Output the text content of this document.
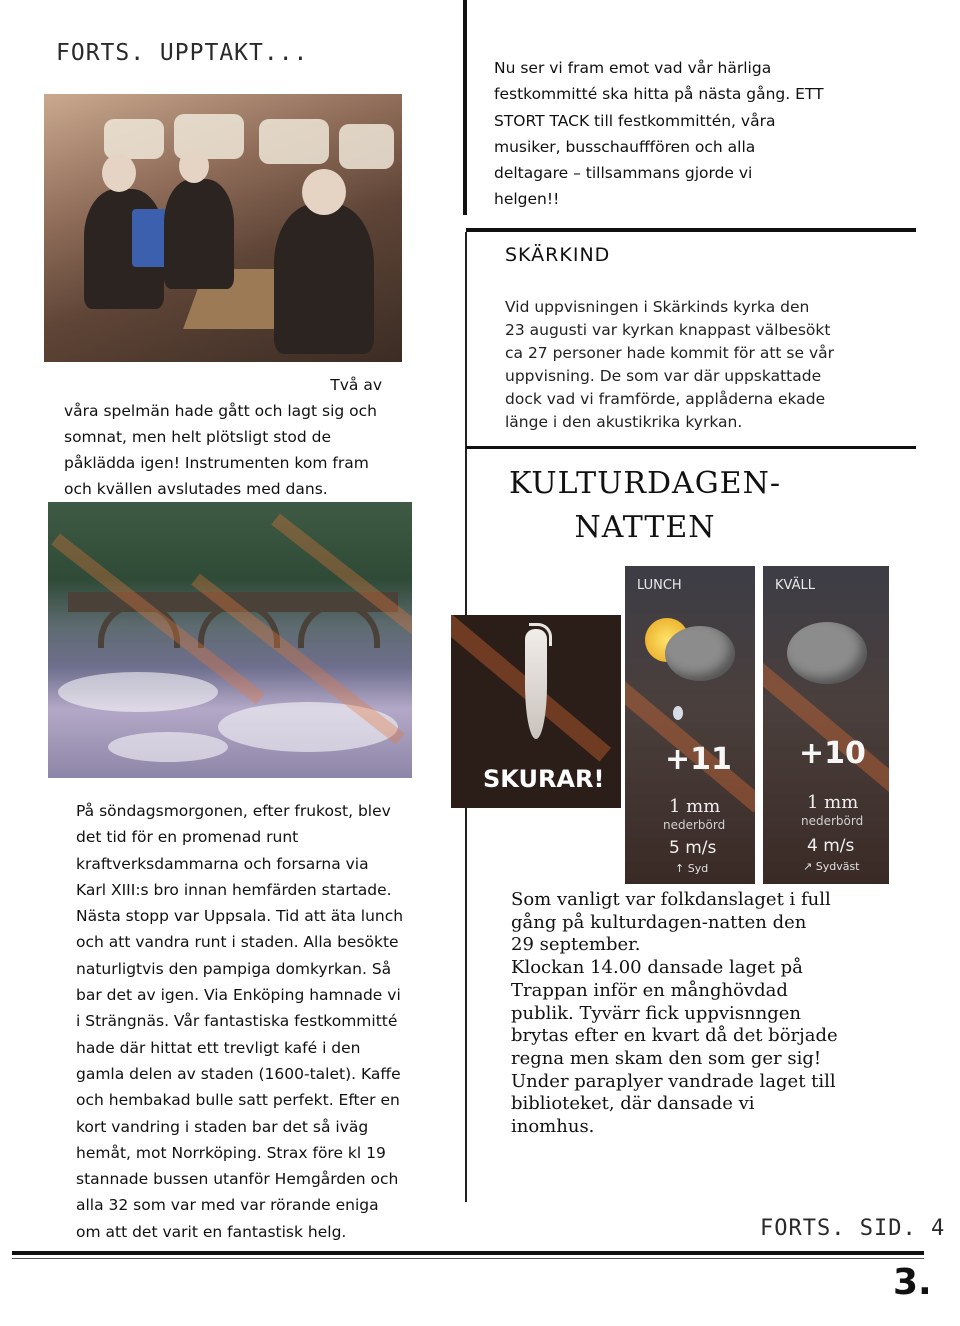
FORTS. UPPTAKT...
Två av
våra spelmän hade gått och lagt sig och
somnat, men helt plötsligt stod de
påklädda igen! Instrumenten kom fram
och kvällen avslutades med dans.
På söndagsmorgonen, efter frukost, blev
det tid för en promenad runt
kraftverksdammarna och forsarna via
Karl XIII:s bro innan hemfärden startade.
Nästa stopp var Uppsala. Tid att äta lunch
och att vandra runt i staden. Alla besökte
naturligtvis den pampiga domkyrkan. Så
bar det av igen. Via Enköping hamnade vi
i Strängnäs. Vår fantastiska festkommitté
hade där hittat ett trevligt kafé i den
gamla delen av staden (1600-talet). Kaffe
och hembakad bulle satt perfekt. Efter en
kort vandring i staden bar det så iväg
hemåt, mot Norrköping. Strax före kl 19
stannade bussen utanför Hemgården och
alla 32 som var med var rörande eniga
om att det varit en fantastisk helg.
Nu ser vi fram emot vad vår härliga
festkommitté ska hitta på nästa gång. ETT
STORT TACK till festkommittén, våra
musiker, busschaufffören och alla
deltagare – tillsammans gjorde vi
helgen!!
SKÄRKIND
Vid uppvisningen i Skärkinds kyrka den
23 augusti var kyrkan knappast välbesökt
ca 27 personer hade kommit för att se vår
uppvisning. De som var där uppskattade
dock vad vi framförde, applåderna ekade
länge i den akustikrika kyrkan.
KULTURDAGEN-
NATTEN
SKURAR!
LUNCH
+11
1 mm
nederbörd
5 m/s
↑ Syd
KVÄLL
+10
1 mm
nederbörd
4 m/s
↗ Sydväst
Som vanligt var folkdanslaget i full
gång på kulturdagen-natten den
29 september.
Klockan 14.00 dansade laget på
Trappan inför en månghövdad
publik. Tyvärr fick uppvisnngen
brytas efter en kvart då det började
regna men skam den som ger sig!
Under paraplyer vandrade laget till
biblioteket, där dansade vi
inomhus.
FORTS. SID. 4
3.
